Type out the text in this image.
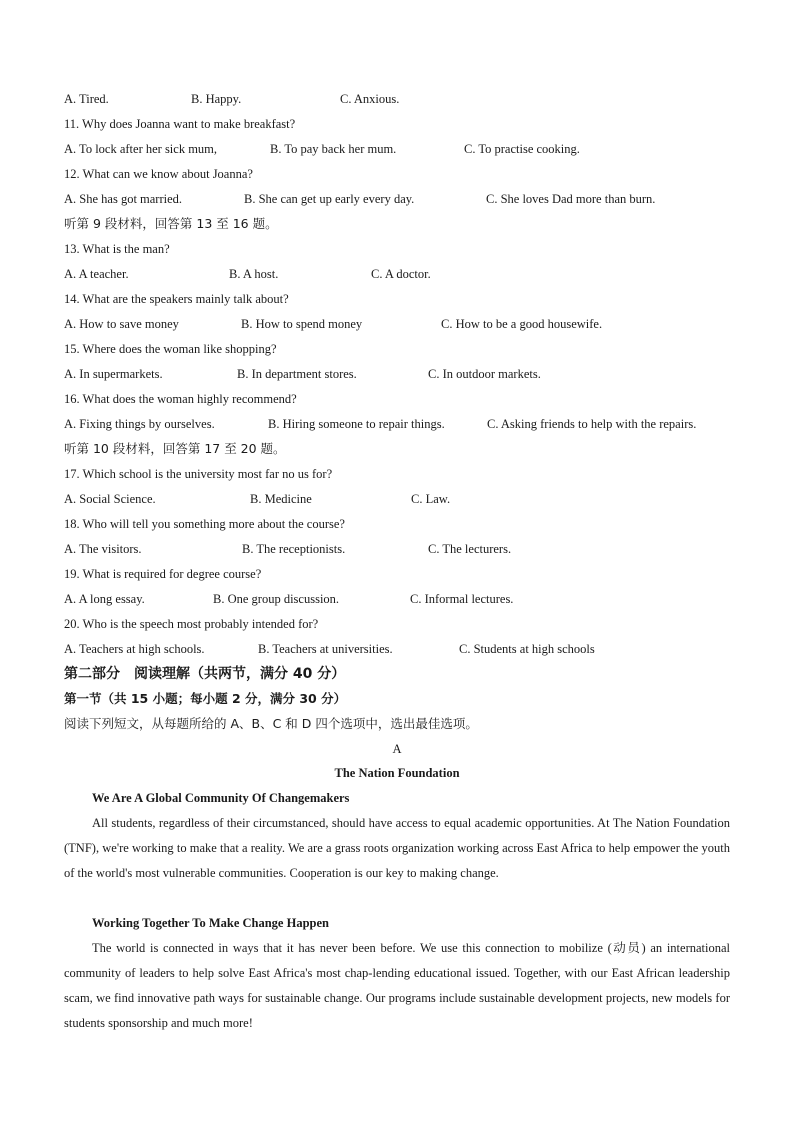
A. Tired.	B. Happy.	C. Anxious.
11. Why does Joanna want to make breakfast?
A. To lock after her sick mum,	B. To pay back her mum.	C. To practise cooking.
12. What can we know about Joanna?
A. She has got married.	B. She can get up early every day.	C. She loves Dad more than burn.
听第 9 段材料，回答第 13 至 16 题。
13. What is the man?
A. A teacher.	B. A host.	C. A doctor.
14. What are the speakers mainly talk about?
A. How to save money	B. How to spend money	C. How to be a good housewife.
15. Where does the woman like shopping?
A. In supermarkets.	B. In department stores.	C. In outdoor markets.
16. What does the woman highly recommend?
A. Fixing things by ourselves.	B. Hiring someone to repair things.	C. Asking friends to help with the repairs.
听第 10 段材料，回答第 17 至 20 题。
17. Which school is the university most far no us for?
A. Social Science.	B. Medicine	C. Law.
18. Who will tell you something more about the course?
A. The visitors.	B. The receptionists.	C. The lecturers.
19. What is required for degree course?
A. A long essay.	B. One group discussion.	C. Informal lectures.
20. Who is the speech most probably intended for?
A. Teachers at high schools.	B. Teachers at universities.	C. Students at high schools
第二部分　阅读理解（共两节，满分 40 分）
第一节（共 15 小题；每小题 2 分，满分 30 分）
阅读下列短文，从每题所给的 A、B、C 和 D 四个选项中，选出最佳选项。
A
The Nation Foundation
We Are A Global Community Of Changemakers
All students, regardless of their circumstanced, should have access to equal academic opportunities. At The Nation Foundation (TNF), we're working to make that a reality. We are a grass roots organization working across East Africa to help empower the youth of the world's most vulnerable communities. Cooperation is our key to making change.
Working Together To Make Change Happen
The world is connected in ways that it has never been before. We use this connection to mobilize (动员) an international community of leaders to help solve East Africa's most chap-lending educational issued. Together, with our East African leadership scam, we find innovative path ways for sustainable change. Our programs include sustainable development projects, new models for students sponsorship and much more!
